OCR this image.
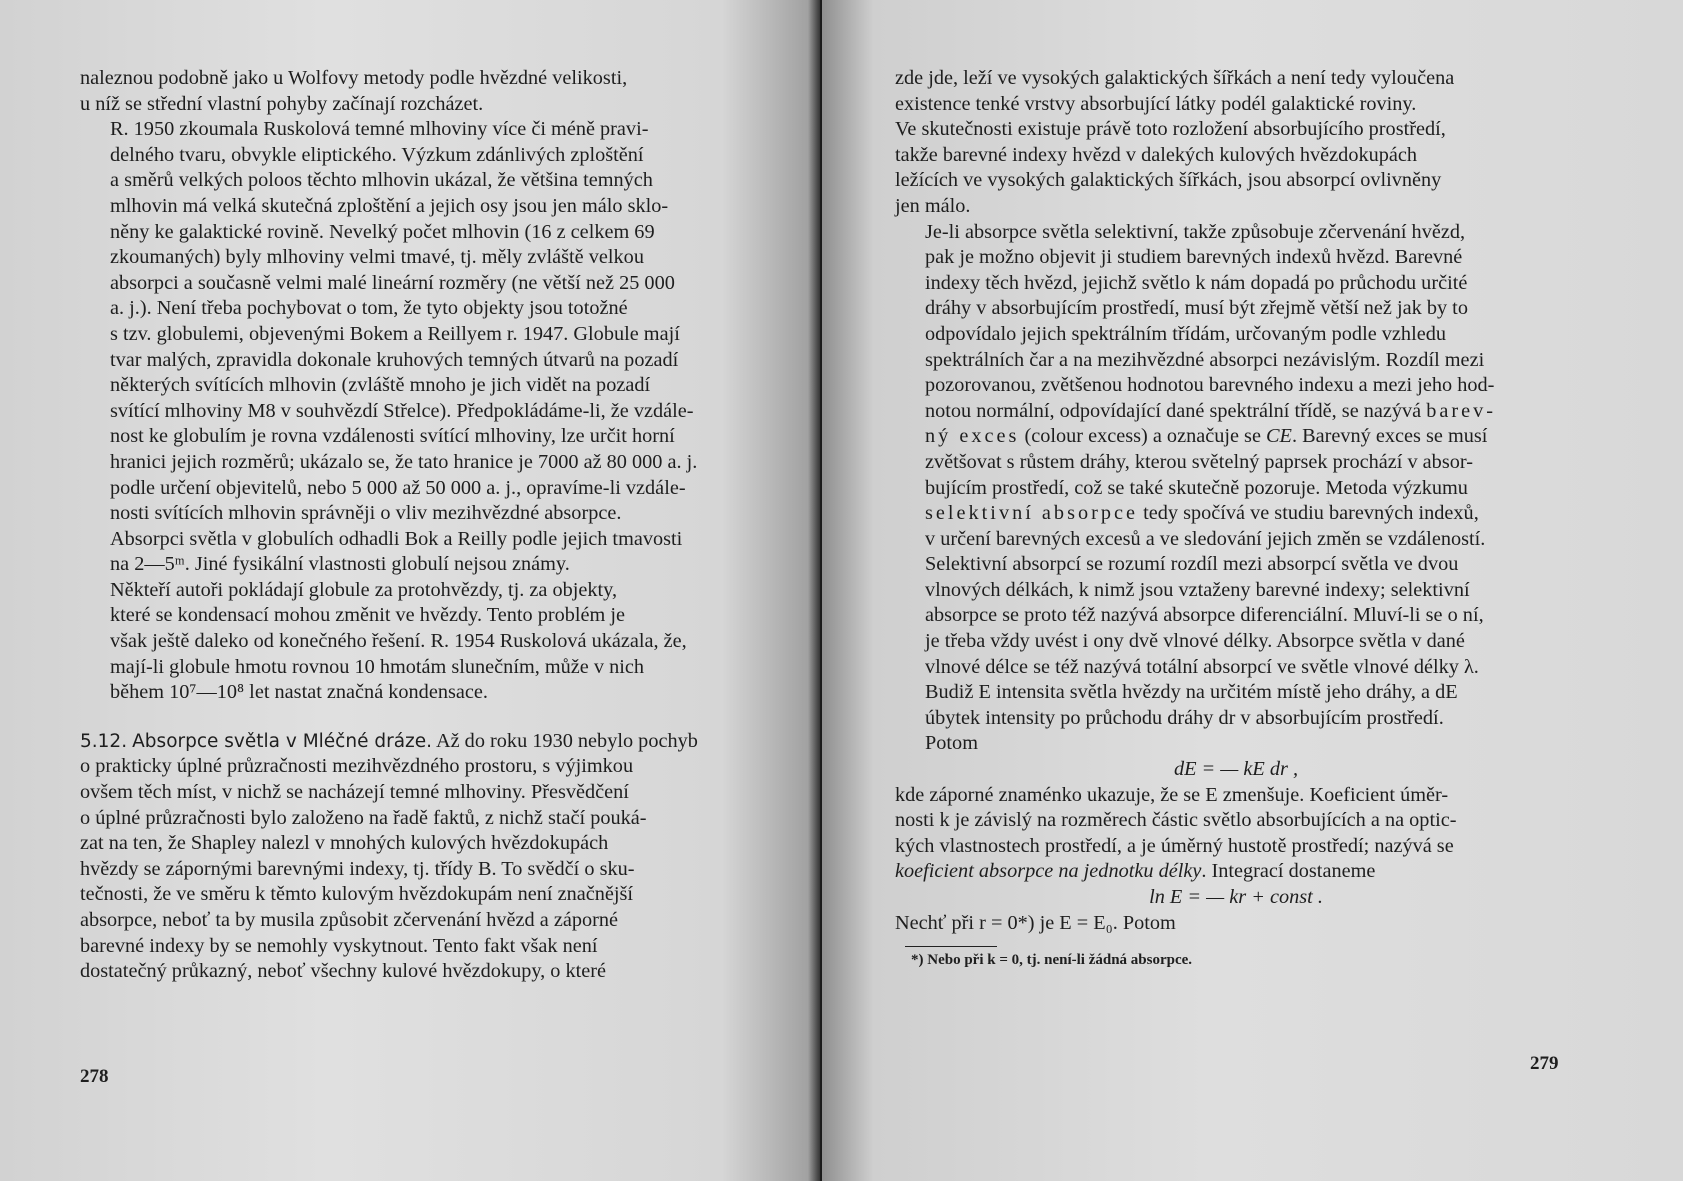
naleznou podobně jako u Wolfovy metody podle hvězdné velikosti,
u níž se střední vlastní pohyby začínají rozcházet.

R. 1950 zkoumala Ruskolová temné mlhoviny více či méně pravi-
delného tvaru, obvykle eliptického. Výzkum zdánlivých zploštění
a směrů velkých poloos těchto mlhovin ukázal, že většina temných
mlhovin má velká skutečná zploštění a jejich osy jsou jen málo sklo-
něny ke galaktické rovině. Nevelký počet mlhovin (16 z celkem 69
zkoumaných) byly mlhoviny velmi tmavé, tj. měly zvláště velkou
absorpci a současně velmi malé lineární rozměry (ne větší než 25 000
a. j.). Není třeba pochybovat o tom, že tyto objekty jsou totožné
s tzv. globulemi, objevenými Bokem a Reillyem r. 1947. Globule mají
tvar malých, zpravidla dokonale kruhových temných útvarů na pozadí
některých svítících mlhovin (zvláště mnoho je jich vidět na pozadí
svítící mlhoviny M8 v souhvězdí Střelce). Předpokládáme-li, že vzdále-
nost ke globulím je rovna vzdálenosti svítící mlhoviny, lze určit horní
hranici jejich rozměrů; ukázalo se, že tato hranice je 7000 až 80 000 a. j.
podle určení objevitelů, nebo 5 000 až 50 000 a. j., opravíme-li vzdále-
nosti svítících mlhovin správněji o vliv mezihvězdné absorpce.
Absorpci světla v globulích odhadli Bok a Reilly podle jejich tmavosti
na 2—5ᵐ. Jiné fysikální vlastnosti globulí nejsou známy.

Někteří autoři pokládají globule za protohvězdy, tj. za objekty,
které se kondensací mohou změnit ve hvězdy. Tento problém je
však ještě daleko od konečného řešení. R. 1954 Ruskolová ukázala, že,
mají-li globule hmotu rovnou 10 hmotám slunečním, může v nich
během 10⁷—10⁸ let nastat značná kondensace.

5.12. Absorpce světla v Mléčné dráze. Až do roku 1930 nebylo pochyb
o prakticky úplné průzračnosti mezihvězdného prostoru, s výjimkou
ovšem těch míst, v nichž se nacházejí temné mlhoviny. Přesvědčení
o úplné průzračnosti bylo založeno na řadě faktů, z nichž stačí pouká-
zat na ten, že Shapley nalezl v mnohých kulových hvězdokupách
hvězdy se zápornými barevnými indexy, tj. třídy B. To svědčí o sku-
tečnosti, že ve směru k těmto kulovým hvězdokupám není značnější
absorpce, neboť ta by musila způsobit zčervenání hvězd a záporné
barevné indexy by se nemohly vyskytnout. Tento fakt však není
dostatečný průkazný, neboť všechny kulové hvězdokupy, o které

278

zde jde, leží ve vysokých galaktických šířkách a není tedy vyloučena
existence tenké vrstvy absorbující látky podél galaktické roviny.
Ve skutečnosti existuje právě toto rozložení absorbujícího prostředí,
takže barevné indexy hvězd v dalekých kulových hvězdokupách
ležících ve vysokých galaktických šířkách, jsou absorpcí ovlivněny
jen málo.

Je-li absorpce světla selektivní, takže způsobuje zčervenání hvězd,
pak je možno objevit ji studiem barevných indexů hvězd. Barevné
indexy těch hvězd, jejichž světlo k nám dopadá po průchodu určité
dráhy v absorbujícím prostředí, musí být zřejmě větší než jak by to
odpovídalo jejich spektrálním třídám, určovaným podle vzhledu
spektrálních čar a na mezihvězdné absorpci nezávislým. Rozdíl mezi
pozorovanou, zvětšenou hodnotou barevného indexu a mezi jeho hod-
notou normální, odpovídající dané spektrální třídě, se nazývá barev-
ný exces (colour excess) a označuje se CE. Barevný exces se musí
zvětšovat s růstem dráhy, kterou světelný paprsek prochází v absor-
bujícím prostředí, což se také skutečně pozoruje. Metoda výzkumu
selektivní absorpce tedy spočívá ve studiu barevných indexů,
v určení barevných excesů a ve sledování jejich změn se vzdáleností.
Selektivní absorpcí se rozumí rozdíl mezi absorpcí světla ve dvou
vlnových délkách, k nimž jsou vztaženy barevné indexy; selektivní
absorpce se proto též nazývá absorpce diferenciální. Mluví-li se o ní,
je třeba vždy uvést i ony dvě vlnové délky. Absorpce světla v dané
vlnové délce se též nazývá totální absorpcí ve světle vlnové délky λ.

Budiž E intensita světla hvězdy na určitém místě jeho dráhy, a dE
úbytek intensity po průchodu dráhy dr v absorbujícím prostředí.
Potom

dE = — kE dr ,

kde záporné znaménko ukazuje, že se E zmenšuje. Koeficient úměr-
nosti k je závislý na rozměrech částic světlo absorbujících a na optic-
kých vlastnostech prostředí, a je úměrný hustotě prostředí; nazývá se
koeficient absorpce na jednotku délky. Integrací dostaneme

ln E = — kr + const .

Nechť při r = 0*) je E = E₀. Potom

*) Nebo při k = 0, tj. není-li žádná absorpce.
279
